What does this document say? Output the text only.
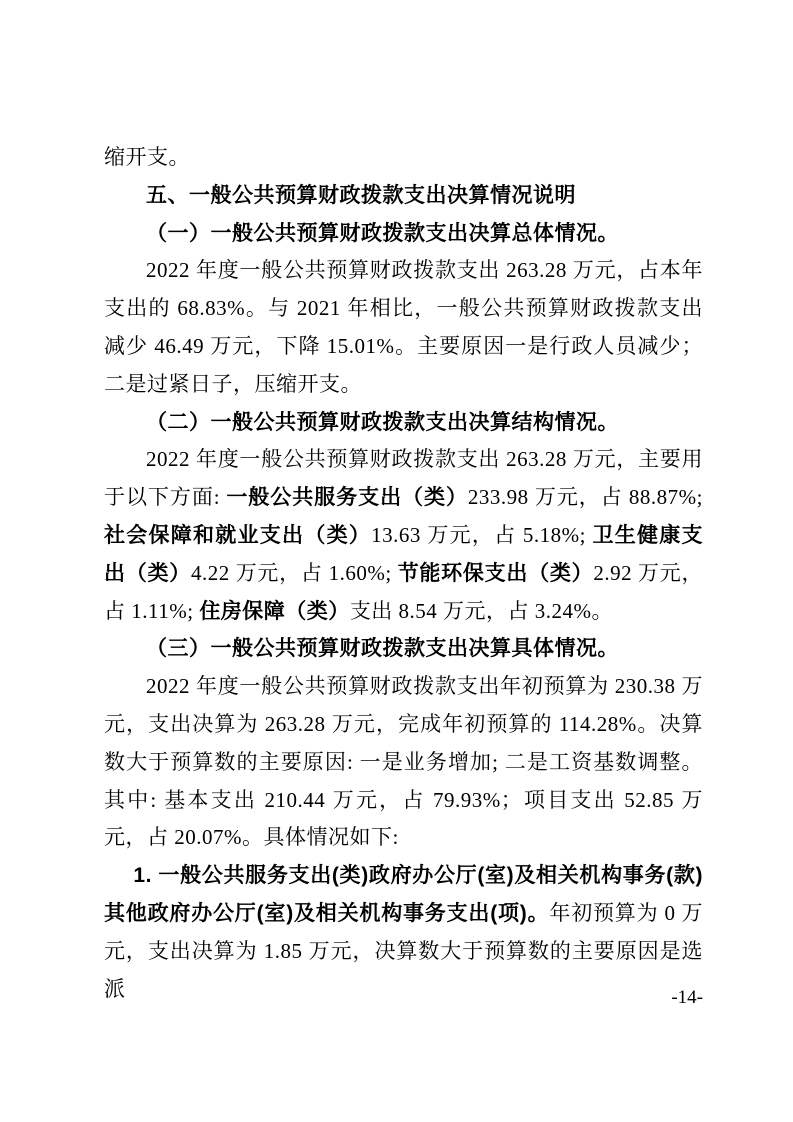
缩开支。

五、一般公共预算财政拨款支出决算情况说明

（一）一般公共预算财政拨款支出决算总体情况。

2022 年度一般公共预算财政拨款支出 263.28 万元，占本年支出的 68.83%。与 2021 年相比，一般公共预算财政拨款支出减少 46.49 万元，下降 15.01%。主要原因一是行政人员减少；二是过紧日子，压缩开支。

（二）一般公共预算财政拨款支出决算结构情况。

2022 年度一般公共预算财政拨款支出 263.28 万元，主要用于以下方面: 一般公共服务支出（类）233.98 万元，占 88.87%; 社会保障和就业支出（类）13.63 万元，占 5.18%; 卫生健康支出（类）4.22 万元，占 1.60%; 节能环保支出（类）2.92 万元，占 1.11%; 住房保障（类）支出 8.54 万元，占 3.24%。

（三）一般公共预算财政拨款支出决算具体情况。

2022 年度一般公共预算财政拨款支出年初预算为 230.38 万元，支出决算为 263.28 万元，完成年初预算的 114.28%。决算数大于预算数的主要原因: 一是业务增加; 二是工资基数调整。其中: 基本支出 210.44 万元，占 79.93%；项目支出 52.85 万元，占 20.07%。具体情况如下:

1. 一般公共服务支出(类)政府办公厅(室)及相关机构事务(款)其他政府办公厅(室)及相关机构事务支出(项)。年初预算为 0 万元，支出决算为 1.85 万元，决算数大于预算数的主要原因是选派	-14-
